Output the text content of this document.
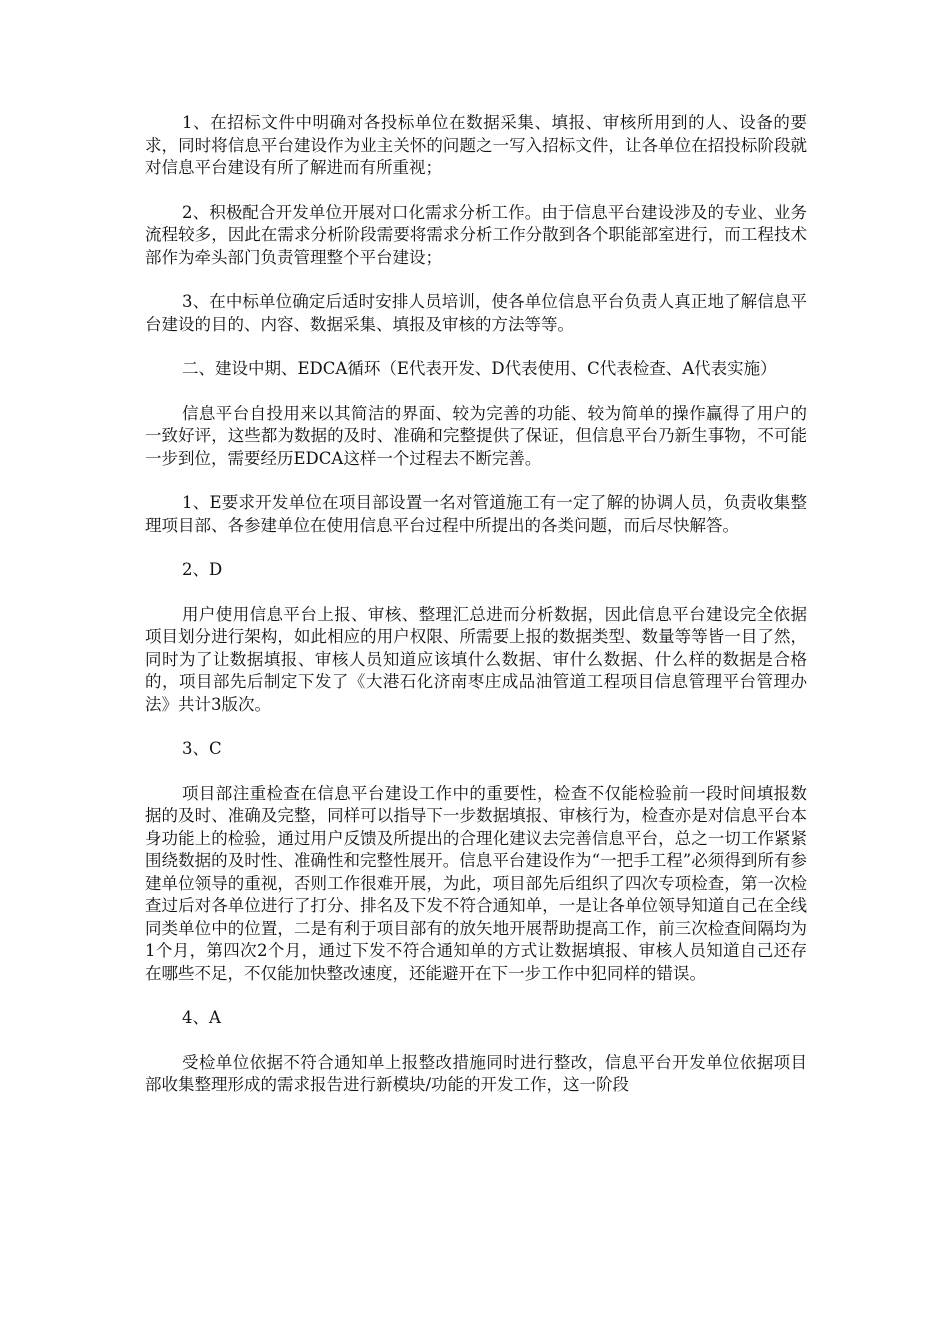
1、在招标文件中明确对各投标单位在数据采集、填报、审核所用到的人、设备的要求，同时将信息平台建设作为业主关怀的问题之一写入招标文件，让各单位在招投标阶段就对信息平台建设有所了解进而有所重视；

2、积极配合开发单位开展对口化需求分析工作。由于信息平台建设涉及的专业、业务流程较多，因此在需求分析阶段需要将需求分析工作分散到各个职能部室进行，而工程技术部作为牵头部门负责管理整个平台建设；

3、在中标单位确定后适时安排人员培训，使各单位信息平台负责人真正地了解信息平台建设的目的、内容、数据采集、填报及审核的方法等等。

二、建设中期、EDCA循环（E代表开发、D代表使用、C代表检查、A代表实施）

信息平台自投用来以其简洁的界面、较为完善的功能、较为简单的操作赢得了用户的一致好评，这些都为数据的及时、准确和完整提供了保证，但信息平台乃新生事物，不可能一步到位，需要经历EDCA这样一个过程去不断完善。

1、E要求开发单位在项目部设置一名对管道施工有一定了解的协调人员，负责收集整理项目部、各参建单位在使用信息平台过程中所提出的各类问题，而后尽快解答。

2、D

用户使用信息平台上报、审核、整理汇总进而分析数据，因此信息平台建设完全依据项目划分进行架构，如此相应的用户权限、所需要上报的数据类型、数量等等皆一目了然，同时为了让数据填报、审核人员知道应该填什么数据、审什么数据、什么样的数据是合格的，项目部先后制定下发了《大港石化济南枣庄成品油管道工程项目信息管理平台管理办法》共计3版次。

3、C

项目部注重检查在信息平台建设工作中的重要性，检查不仅能检验前一段时间填报数据的及时、准确及完整，同样可以指导下一步数据填报、审核行为，检查亦是对信息平台本身功能上的检验，通过用户反馈及所提出的合理化建议去完善信息平台，总之一切工作紧紧围绕数据的及时性、准确性和完整性展开。信息平台建设作为“一把手工程”必须得到所有参建单位领导的重视，否则工作很难开展，为此，项目部先后组织了四次专项检查，第一次检查过后对各单位进行了打分、排名及下发不符合通知单，一是让各单位领导知道自己在全线同类单位中的位置，二是有利于项目部有的放矢地开展帮助提高工作，前三次检查间隔均为1个月，第四次2个月，通过下发不符合通知单的方式让数据填报、审核人员知道自己还存在哪些不足，不仅能加快整改速度，还能避开在下一步工作中犯同样的错误。

4、A

受检单位依据不符合通知单上报整改措施同时进行整改，信息平台开发单位依据项目部收集整理形成的需求报告进行新模块/功能的开发工作，这一阶段
